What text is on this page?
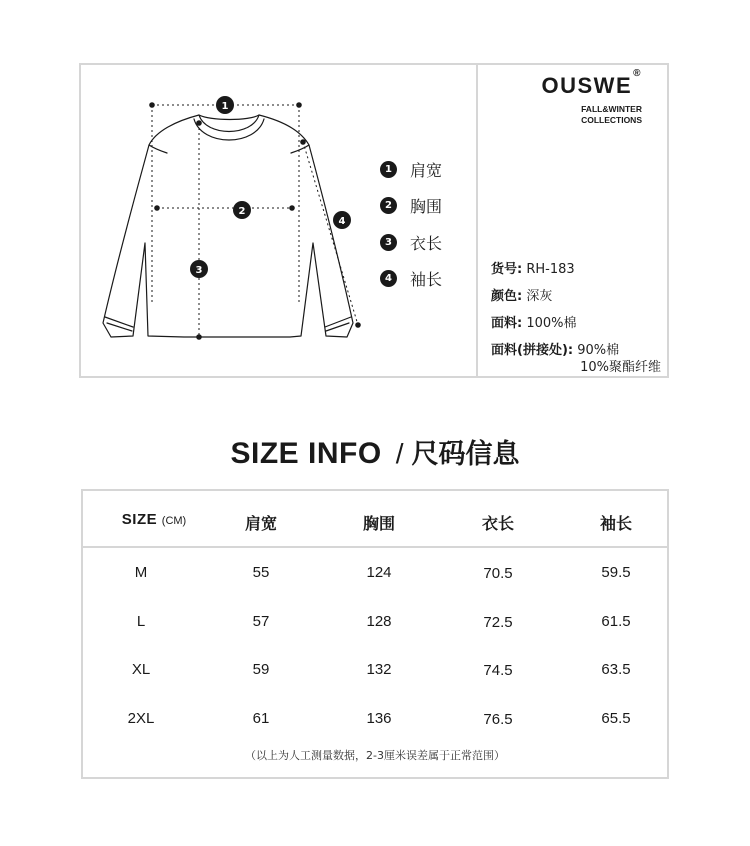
1
2
3
4
1	肩宽
2	胸围
3	衣长
4	袖长
OUSWE®
FALL&WINTER
COLLECTIONS
货号: RH-183
颜色: 深灰
面料: 100%棉
面料(拼接处): 90%棉
10%聚酯纤维
SIZE INFO / 尺码信息
SIZE (CM)	肩宽	胸围	衣长	袖长
M	55	124	70.5	59.5
L	57	128	72.5	61.5
XL	59	132	74.5	63.5
2XL	61	136	76.5	65.5
（以上为人工测量数据，2-3厘米误差属于正常范围）
